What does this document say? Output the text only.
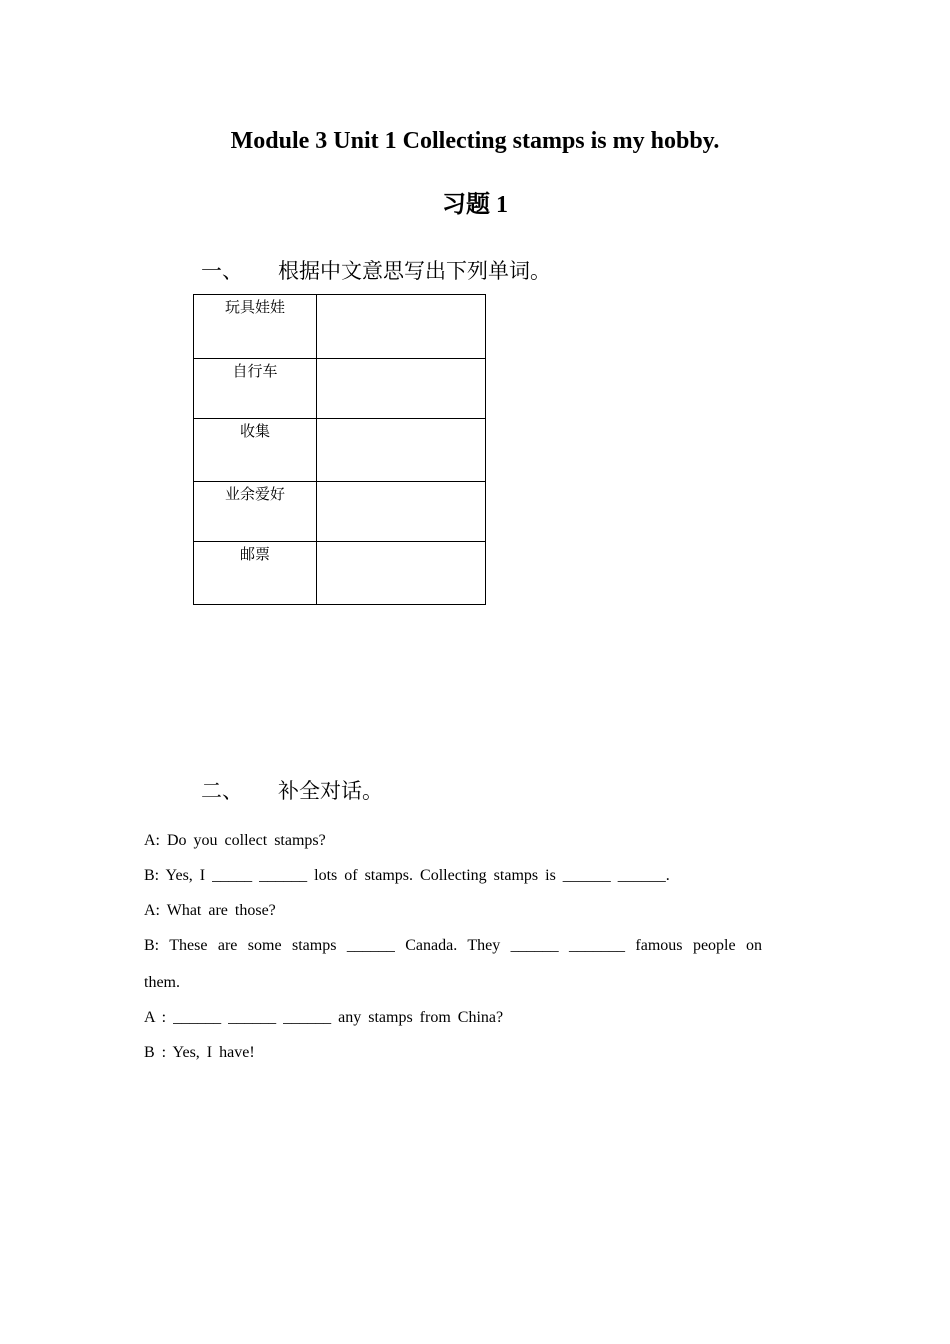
Module 3 Unit 1 Collecting stamps is my hobby.
习题 1
一、 根据中文意思写出下列单词。
玩具娃娃	
自行车	
收集	
业余爱好	
邮票	
二、 补全对话。
A: Do you collect stamps?
B: Yes, I _____ ______ lots of stamps. Collecting stamps is ______ ______.
A: What are those?
B: These are some stamps ______ Canada. They ______ _______ famous people on
them.
A : ______ ______ ______ any stamps from China?
B : Yes, I have!
